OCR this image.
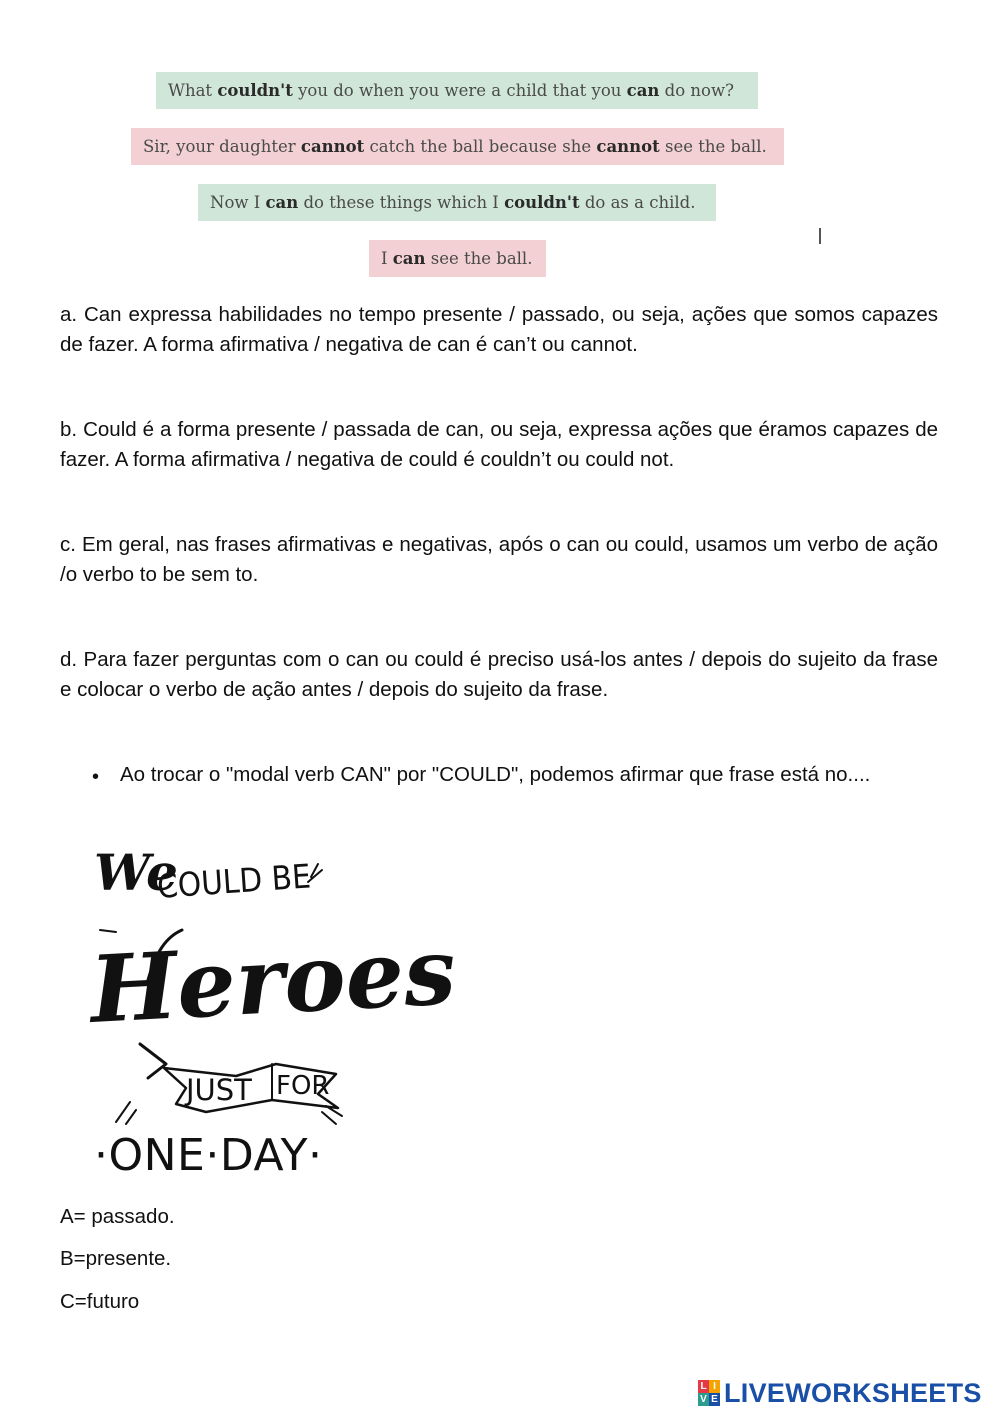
What couldn't you do when you were a child that you can do now?
Sir, your daughter cannot catch the ball because she cannot see the ball.
Now I can do these things which I couldn't do as a child.
I can see the ball.
a. Can expressa habilidades no tempo presente / passado, ou seja, ações que somos capazes de fazer. A forma afirmativa / negativa de can é can’t ou cannot.
b. Could é a forma presente / passada de can, ou seja, expressa ações que éramos capazes de fazer. A forma afirmativa / negativa de could é couldn’t ou could not.
c. Em geral, nas frases afirmativas e negativas, após o can ou could, usamos um verbo de ação /o verbo to be sem to.
d. Para fazer perguntas com o can ou could é preciso usá-los antes / depois do sujeito da frase e colocar o verbo de ação antes / depois do sujeito da frase.
• Ao trocar o "modal verb CAN" por "COULD", podemos afirmar que frase está no....
We
COULD BE
Heroes
JUST FOR
·ONE·DAY·
A= passado.
B=presente.
C=futuro
L I
V E LIVEWORKSHEETS
